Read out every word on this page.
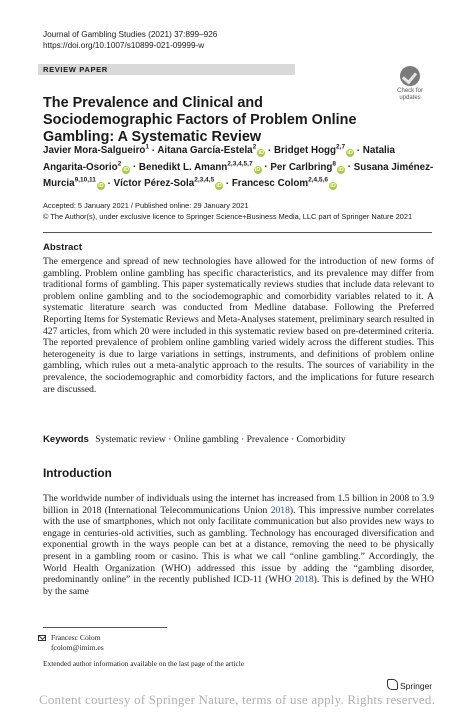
Journal of Gambling Studies (2021) 37:899–926
https://doi.org/10.1007/s10899-021-09999-w
REVIEW PAPER
Check for
updates
The Prevalence and Clinical and Sociodemographic Factors of Problem Online Gambling: A Systematic Review
Javier Mora-Salgueiro$^1$ · Aitana García-Estela$^2$iD · Bridget Hogg$^{2,7}$iD · Natalia Angarita-Osorio$^2$iD · Benedikt L. Amann$^{2,3,4,5,7}$iD · Per Carlbring$^8$iD · Susana Jiménez-Murcia$^{9,10,11}$iD · Víctor Pérez-Sola$^{2,3,4,5}$iD · Francesc Colom$^{2,4,5,6}$iD
Accepted: 5 January 2021 / Published online: 29 January 2021
© The Author(s), under exclusive licence to Springer Science+Business Media, LLC part of Springer Nature 2021
Abstract
The emergence and spread of new technologies have allowed for the introduction of new forms of gambling. Problem online gambling has specific characteristics, and its prevalence may differ from traditional forms of gambling. This paper systematically reviews studies that include data relevant to problem online gambling and to the sociodemographic and comorbidity variables related to it. A systematic literature search was conducted from Medline database. Following the Preferred Reporting Items for Systematic Reviews and Meta-Analyses statement, preliminary search resulted in 427 articles, from which 20 were included in this systematic review based on pre-determined criteria. The reported prevalence of problem online gambling varied widely across the different studies. This heterogeneity is due to large variations in settings, instruments, and definitions of problem online gambling, which rules out a meta-analytic approach to the results. The sources of variability in the prevalence, the sociodemographic and comorbidity factors, and the implications for future research are discussed.
Keywords Systematic review · Online gambling · Prevalence · Comorbidity
Introduction
The worldwide number of individuals using the internet has increased from 1.5 billion in 2008 to 3.9 billion in 2018 (International Telecommunications Union 2018). This impressive number correlates with the use of smartphones, which not only facilitate communication but also provides new ways to engage in centuries-old activities, such as gambling. Technology has encouraged diversification and exponential growth in the ways people can bet at a distance, removing the need to be physically present in a gambling room or casino. This is what we call “online gambling.” Accordingly, the World Health Organization (WHO) addressed this issue by adding the “gambling disorder, predominantly online” in the recently published ICD-11 (WHO 2018). This is defined by the WHO by the same
Francesc Colom
fcolom@imim.es
Extended author information available on the last page of the article
Springer
Content courtesy of Springer Nature, terms of use apply. Rights reserved.
